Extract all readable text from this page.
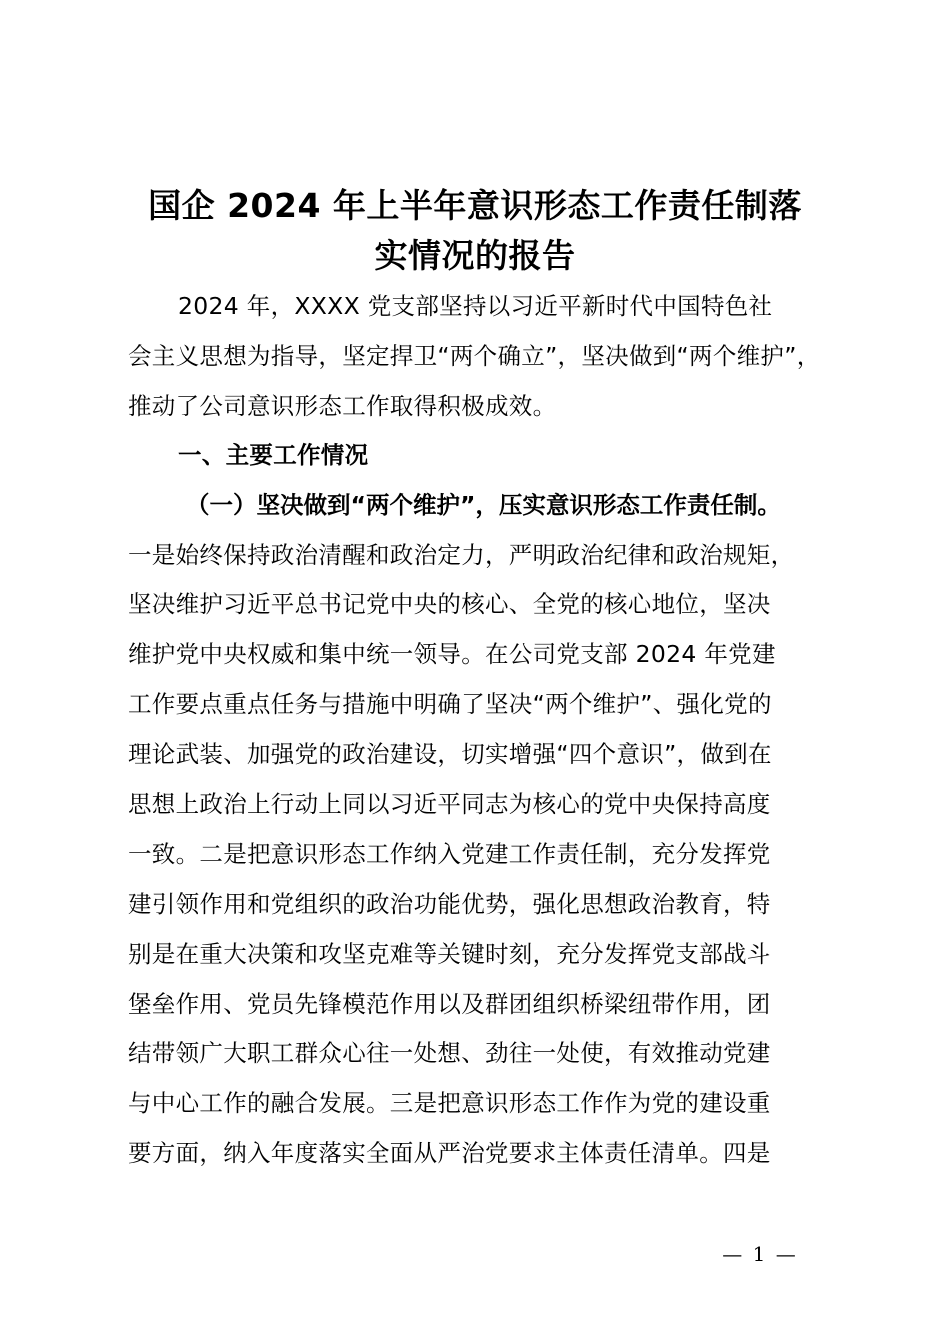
国企 2024 年上半年意识形态工作责任制落
实情况的报告
2024 年，XXXX 党支部坚持以习近平新时代中国特色社
会主义思想为指导，坚定捍卫“两个确立”，坚决做到“两个维护”，
推动了公司意识形态工作取得积极成效。
一、主要工作情况
（一）坚决做到“两个维护”，压实意识形态工作责任制。
一是始终保持政治清醒和政治定力，严明政治纪律和政治规矩，
坚决维护习近平总书记党中央的核心、全党的核心地位，坚决
维护党中央权威和集中统一领导。在公司党支部 2024 年党建
工作要点重点任务与措施中明确了坚决“两个维护”、强化党的
理论武装、加强党的政治建设，切实增强“四个意识”，做到在
思想上政治上行动上同以习近平同志为核心的党中央保持高度
一致。二是把意识形态工作纳入党建工作责任制，充分发挥党
建引领作用和党组织的政治功能优势，强化思想政治教育，特
别是在重大决策和攻坚克难等关键时刻，充分发挥党支部战斗
堡垒作用、党员先锋模范作用以及群团组织桥梁纽带作用，团
结带领广大职工群众心往一处想、劲往一处使，有效推动党建
与中心工作的融合发展。三是把意识形态工作作为党的建设重
要方面，纳入年度落实全面从严治党要求主体责任清单。四是
— 1 —
